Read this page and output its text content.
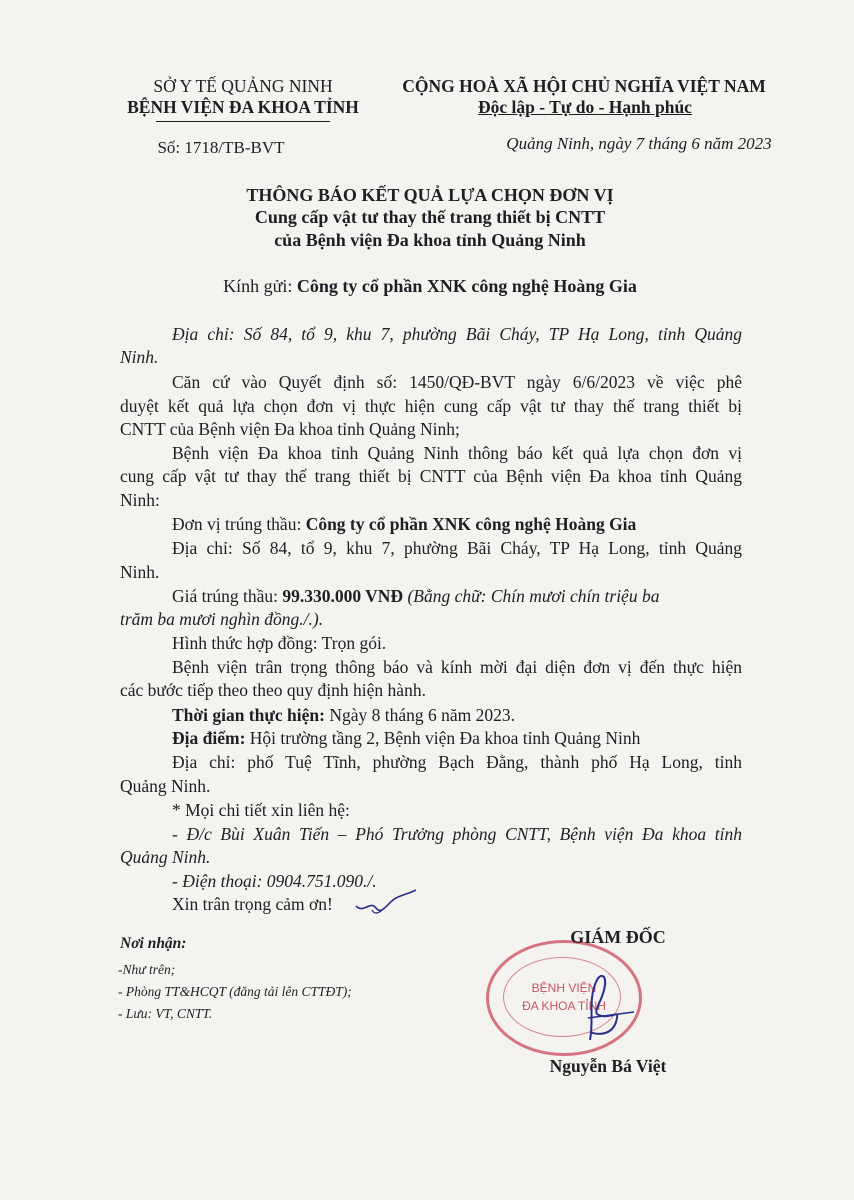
SỞ Y TẾ QUẢNG NINH
BỆNH VIỆN ĐA KHOA TỈNH
Số: 1718/TB-BVT
CỘNG HOÀ XÃ HỘI CHỦ NGHĨA VIỆT NAM
Độc lập - Tự do - Hạnh phúc
Quảng Ninh, ngày 7 tháng 6 năm 2023
THÔNG BÁO KẾT QUẢ LỰA CHỌN ĐƠN VỊ
Cung cấp vật tư thay thế trang thiết bị CNTT
của Bệnh viện Đa khoa tỉnh Quảng Ninh
Kính gửi: Công ty cổ phần XNK công nghệ Hoàng Gia
Địa chỉ: Số 84, tổ 9, khu 7, phường Bãi Cháy, TP Hạ Long, tỉnh Quảng
Ninh.
Căn cứ vào Quyết định số: 1450/QĐ-BVT ngày 6/6/2023 về việc phê
duyệt kết quả lựa chọn đơn vị thực hiện cung cấp vật tư thay thế trang thiết bị
CNTT của Bệnh viện Đa khoa tỉnh Quảng Ninh;
Bệnh viện Đa khoa tỉnh Quảng Ninh thông báo kết quả lựa chọn đơn vị
cung cấp vật tư thay thế trang thiết bị CNTT của Bệnh viện Đa khoa tỉnh Quảng
Ninh:
Đơn vị trúng thầu: Công ty cổ phần XNK công nghệ Hoàng Gia
Địa chỉ: Số 84, tổ 9, khu 7, phường Bãi Cháy, TP Hạ Long, tỉnh Quảng
Ninh.
Giá trúng thầu: 99.330.000 VNĐ (Bằng chữ: Chín mươi chín triệu ba
trăm ba mươi nghìn đồng./.).
Hình thức hợp đồng: Trọn gói.
Bệnh viện trân trọng thông báo và kính mời đại diện đơn vị đến thực hiện
các bước tiếp theo theo quy định hiện hành.
Thời gian thực hiện: Ngày 8 tháng 6 năm 2023.
Địa điểm: Hội trường tầng 2, Bệnh viện Đa khoa tỉnh Quảng Ninh
Địa chỉ: phố Tuệ Tĩnh, phường Bạch Đằng, thành phố Hạ Long, tỉnh
Quảng Ninh.
* Mọi chi tiết xin liên hệ:
- Đ/c Bùi Xuân Tiến – Phó Trưởng phòng CNTT, Bệnh viện Đa khoa tỉnh
Quảng Ninh.
- Điện thoại: 0904.751.090./.
Xin trân trọng cảm ơn!
Nơi nhận:
-Như trên;
- Phòng TT&HCQT (đăng tải lên CTTĐT);
- Lưu: VT, CNTT.
BỆNH VIỆN
ĐA KHOA TỈNH
GIÁM ĐỐC
Nguyễn Bá Việt
